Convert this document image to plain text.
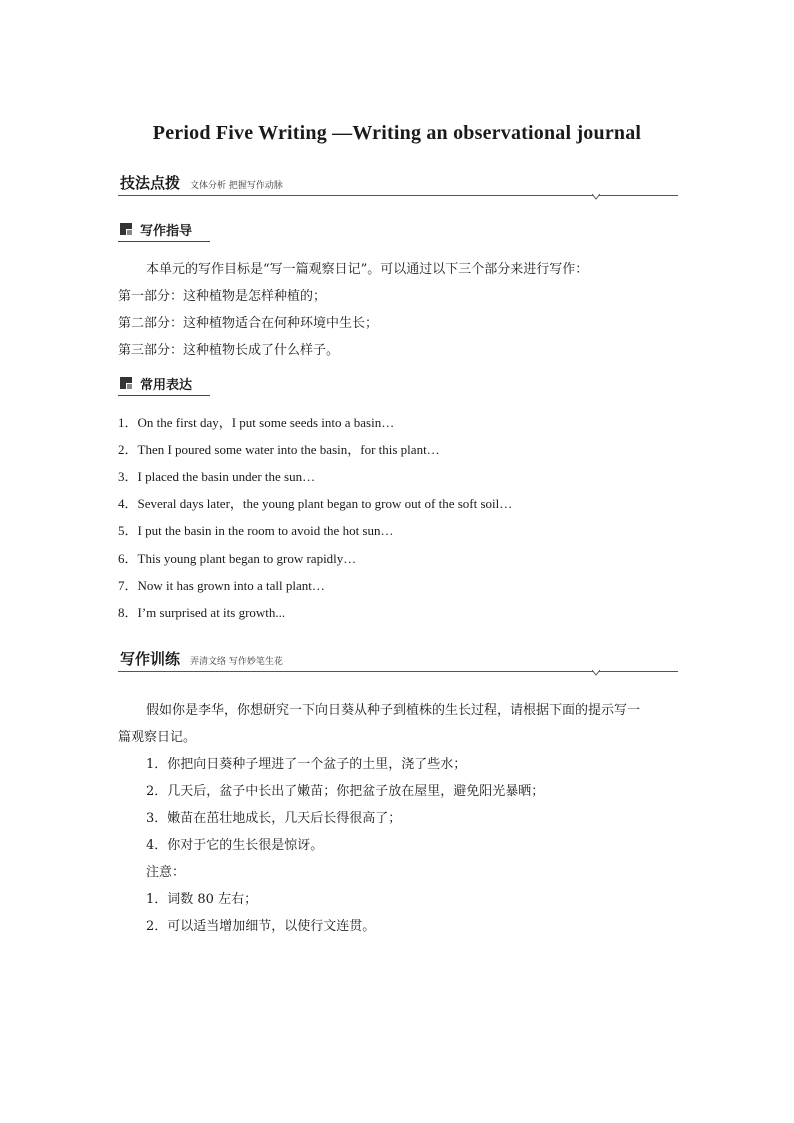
Period Five Writing —Writing an observational journal
技法点拨 文体分析 把握写作动脉
写作指导
本单元的写作目标是“写一篇观察日记”。可以通过以下三个部分来进行写作：
第一部分：这种植物是怎样种植的；
第二部分：这种植物适合在何种环境中生长；
第三部分：这种植物长成了什么样子。
常用表达
1．On the first day，I put some seeds into a basin…
2．Then I poured some water into the basin，for this plant…
3．I placed the basin under the sun…
4．Several days later，the young plant began to grow out of the soft soil…
5．I put the basin in the room to avoid the hot sun…
6．This young plant began to grow rapidly…
7．Now it has grown into a tall plant…
8．I’m surprised at its growth...
写作训练 弄清文络 写作妙笔生花
假如你是李华，你想研究一下向日葵从种子到植株的生长过程，请根据下面的提示写一
篇观察日记。
1．你把向日葵种子埋进了一个盆子的土里，浇了些水；
2．几天后，盆子中长出了嫩苗；你把盆子放在屋里，避免阳光暴晒；
3．嫩苗在茁壮地成长，几天后长得很高了；
4．你对于它的生长很是惊讶。
注意：
1．词数 80 左右；
2．可以适当增加细节，以使行文连贯。
